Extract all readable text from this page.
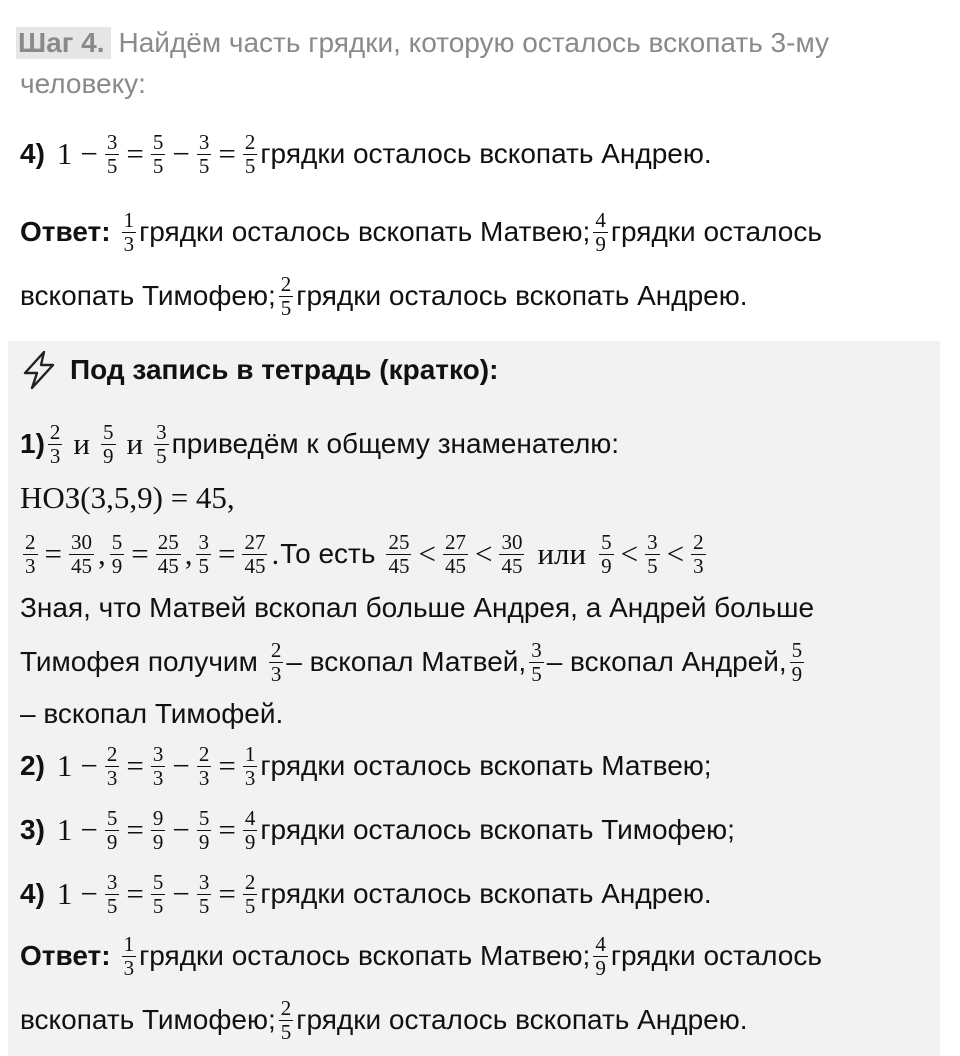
Шаг 4. Найдём часть грядки, которую осталось вскопать 3-му
человеку:
4) $1 - \frac{3}{5} = \frac{5}{5} - \frac{3}{5} = \frac{2}{5}$ грядки осталось вскопать Андрею.
Ответ: $\frac{1}{3}$ грядки осталось вскопать Матвею; $\frac{4}{9}$ грядки осталось
вскопать Тимофею; $\frac{2}{5}$ грядки осталось вскопать Андрею.
Под запись в тетрадь (кратко):
$1) \frac{2}{3}$ и $\frac{5}{9}$ и $\frac{3}{5}$ приведём к общему знаменателю:
НОЗ(3,5,9) = 45,
$\frac{2}{3} = \frac{30}{45}$ , $\frac{5}{9} = \frac{25}{45}$ , $\frac{3}{5} = \frac{27}{45}$ . То есть $\frac{25}{45} < \frac{27}{45} < \frac{30}{45}$ или $\frac{5}{9} < \frac{3}{5} < \frac{2}{3}$
Зная, что Матвей вскопал больше Андрея, а Андрей больше
Тимофея получим $\frac{2}{3}$ – вскопал Матвей, $\frac{3}{5}$ – вскопал Андрей, $\frac{5}{9}$
– вскопал Тимофей.
2) $1 - \frac{2}{3} = \frac{3}{3} - \frac{2}{3} = \frac{1}{3}$ грядки осталось вскопать Матвею;
3) $1 - \frac{5}{9} = \frac{9}{9} - \frac{5}{9} = \frac{4}{9}$ грядки осталось вскопать Тимофею;
4) $1 - \frac{3}{5} = \frac{5}{5} - \frac{3}{5} = \frac{2}{5}$ грядки осталось вскопать Андрею.
Ответ: $\frac{1}{3}$ грядки осталось вскопать Матвею; $\frac{4}{9}$ грядки осталось
вскопать Тимофею; $\frac{2}{5}$ грядки осталось вскопать Андрею.
